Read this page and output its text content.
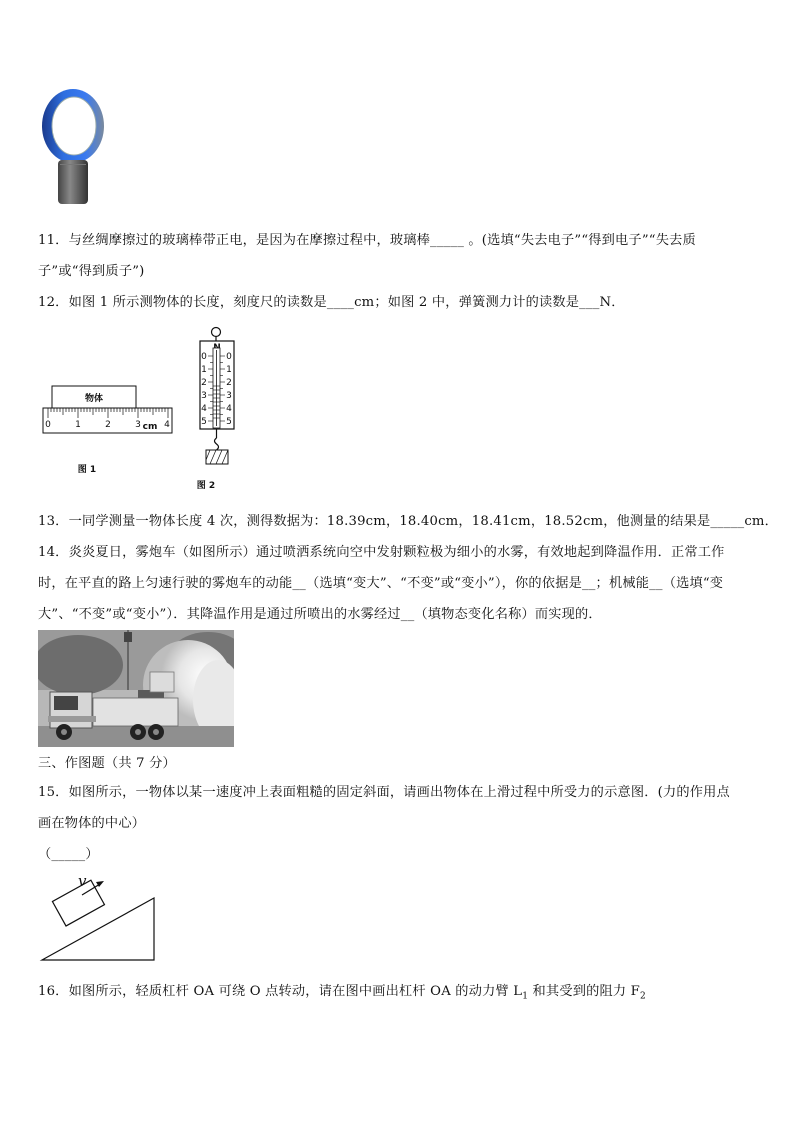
11．与丝绸摩擦过的玻璃棒带正电，是因为在摩擦过程中，玻璃棒_____ 。(选填“失去电子”“得到电子”“失去质
子”或“得到质子”)
12．如图 1 所示测物体的长度，刻度尺的读数是____cm；如图 2 中，弹簧测力计的读数是___N．
物体
0	1	2	3	4
cm
图 1
0
1
2
3
4
5
0
1
2
3
4
5
图 2
13．一同学测量一物体长度 4 次，测得数据为：18.39cm，18.40cm，18.41cm，18.52cm，他测量的结果是_____cm．
14．炎炎夏日，雾炮车（如图所示）通过喷洒系统向空中发射颗粒极为细小的水雾，有效地起到降温作用．正常工作
时，在平直的路上匀速行驶的雾炮车的动能__（选填“变大”、“不变”或“变小”），你的依据是__；机械能__（选填“变
大”、“不变”或“变小”）．其降温作用是通过所喷出的水雾经过__（填物态变化名称）而实现的．
三、作图题（共 7 分）
15．如图所示，一物体以某一速度冲上表面粗糙的固定斜面，请画出物体在上滑过程中所受力的示意图．(力的作用点
画在物体的中心）
（_____）
v
16．如图所示，轻质杠杆 OA 可绕 O 点转动，请在图中画出杠杆 OA 的动力臂 $L_1$ 和其受到的阻力 $F_2$
